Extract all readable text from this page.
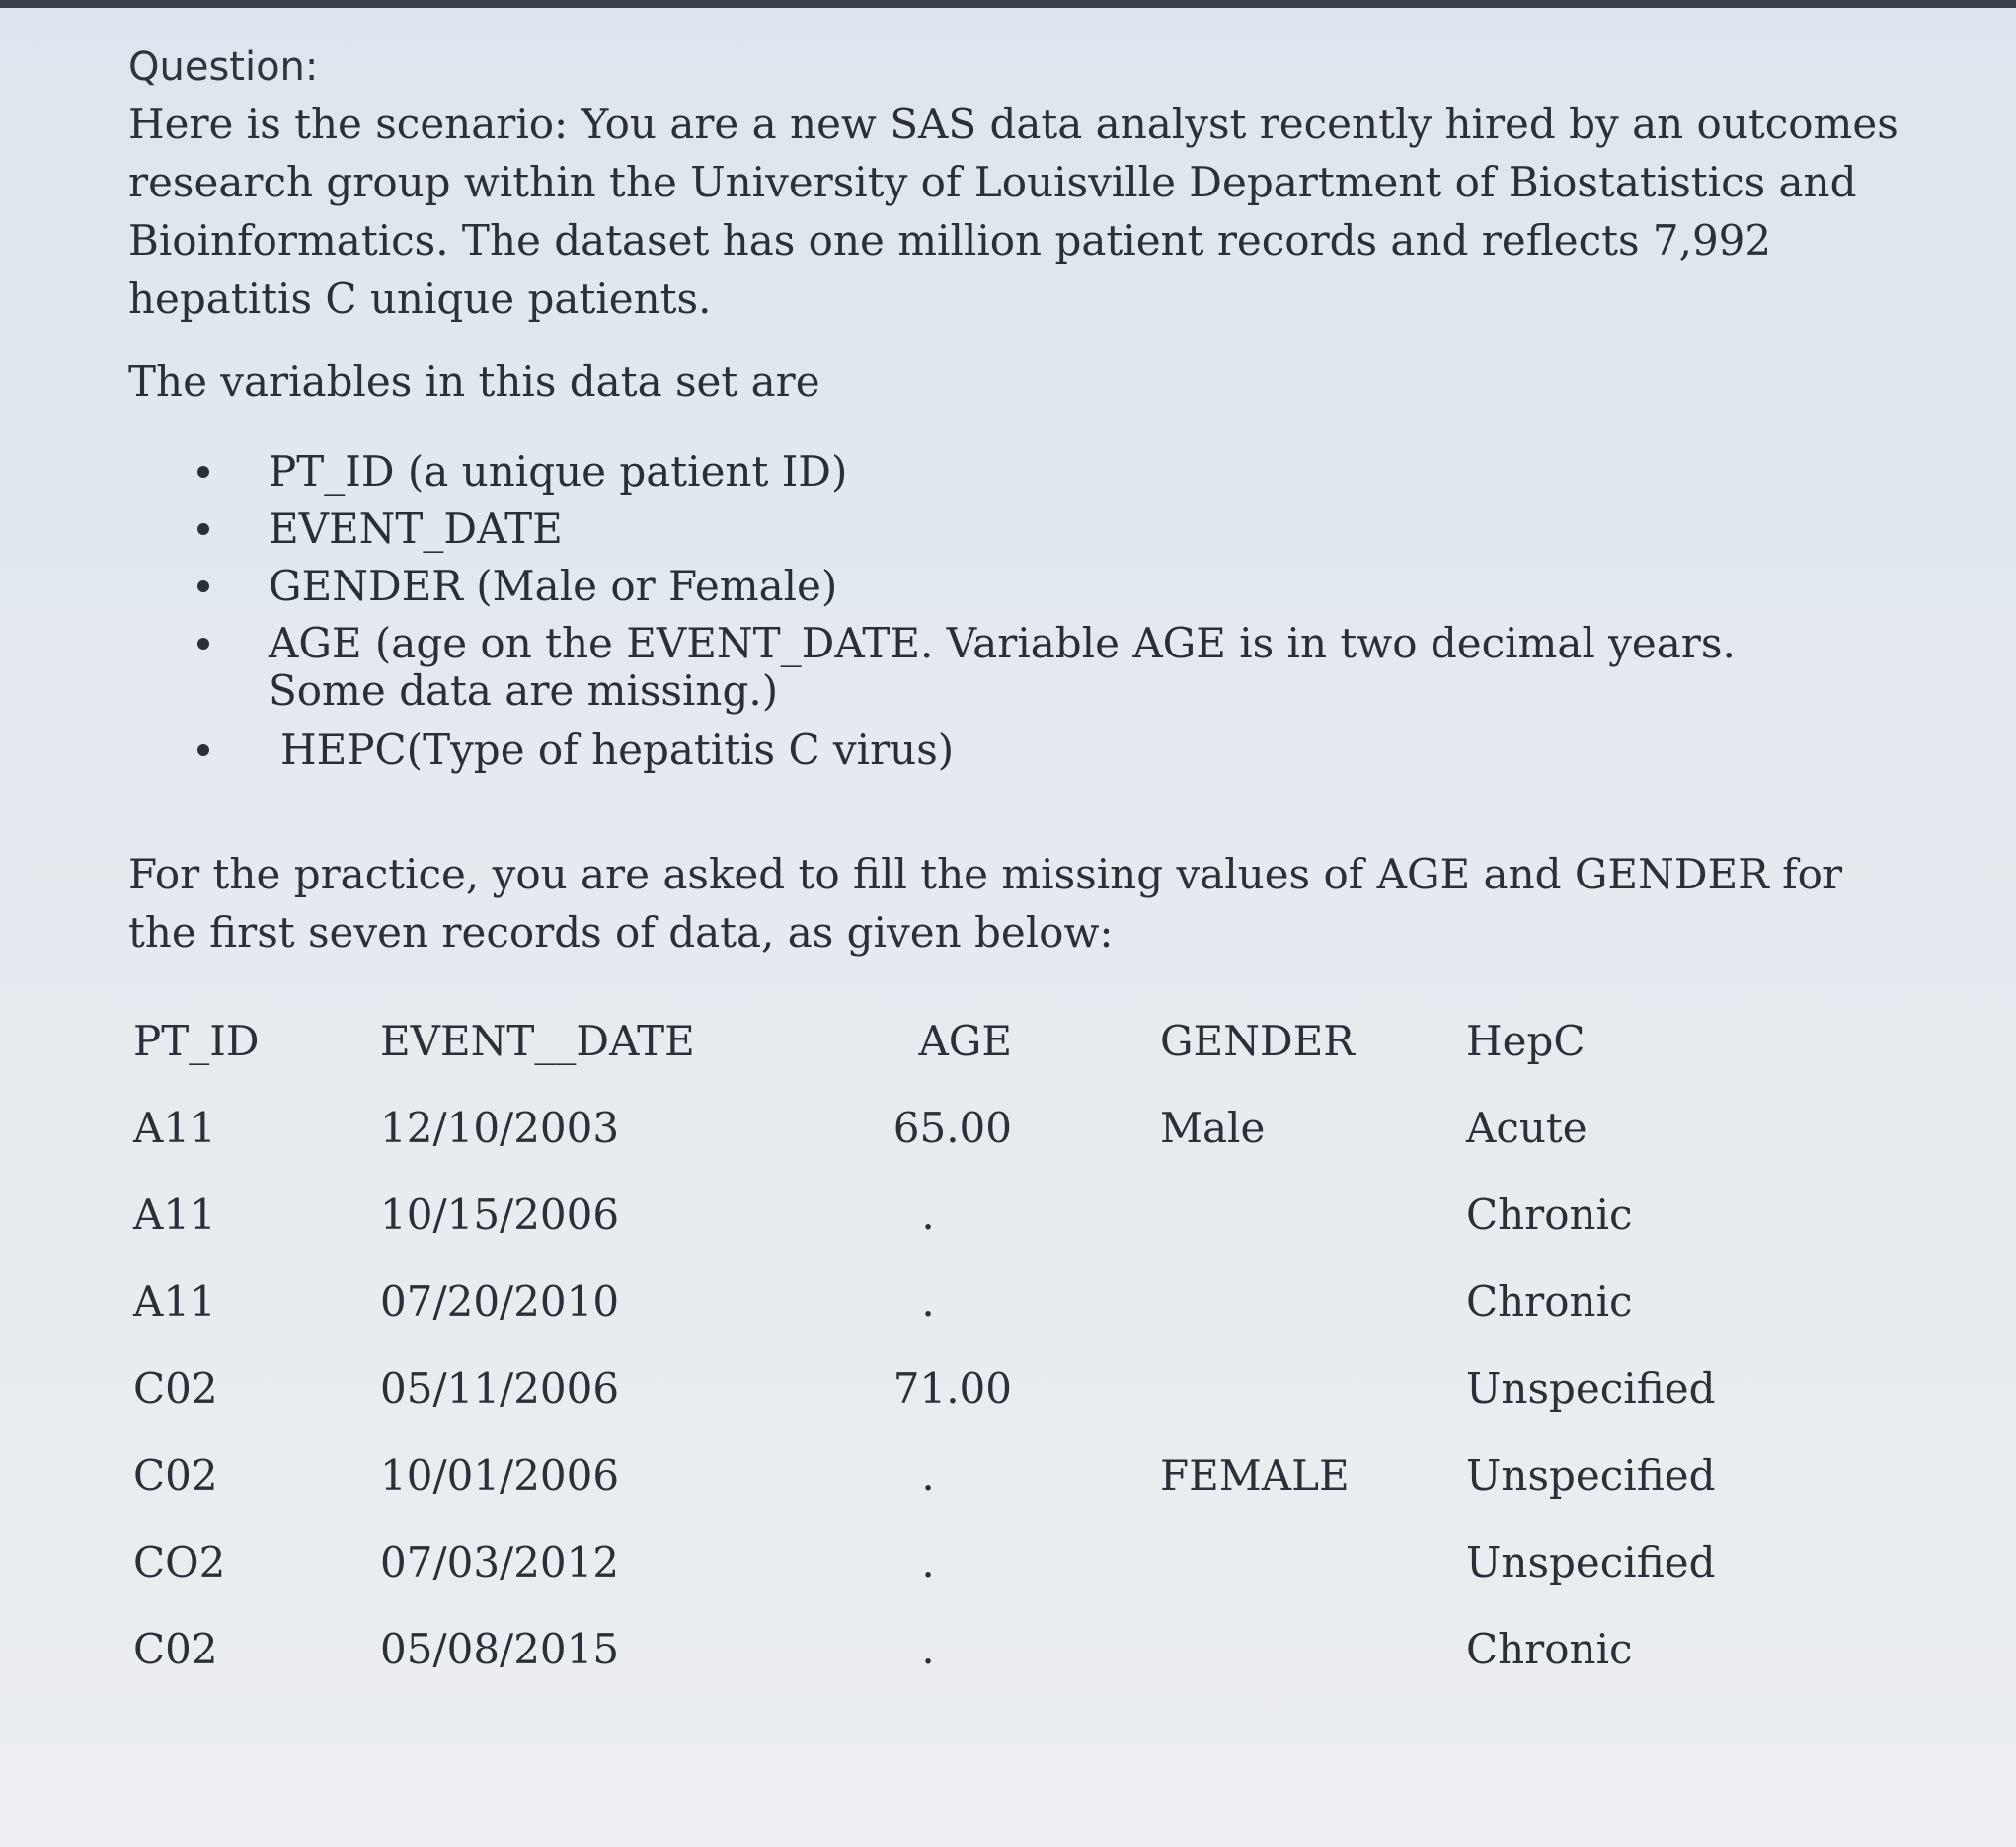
Question:

Here is the scenario: You are a new SAS data analyst recently hired by an outcomes research group within the University of Louisville Department of Biostatistics and Bioinformatics. The dataset has one million patient records and reflects 7,992 hepatitis C unique patients.

The variables in this data set are

PT_ID (a unique patient ID)
EVENT_DATE
GENDER (Male or Female)
AGE (age on the EVENT_DATE. Variable AGE is in two decimal years. Some data are missing.)
HEPC(Type of hepatitis C virus)

For the practice, you are asked to fill the missing values of AGE and GENDER for the first seven records of data, as given below:

PT_ID	EVENT__DATE	AGE	GENDER	HepC
A11	12/10/2003	65.00	Male	Acute
A11	10/15/2006	.		Chronic
A11	07/20/2010	.		Chronic
C02	05/11/2006	71.00		Unspecified
C02	10/01/2006	.	FEMALE	Unspecified
CO2	07/03/2012	.		Unspecified
C02	05/08/2015	.		Chronic
